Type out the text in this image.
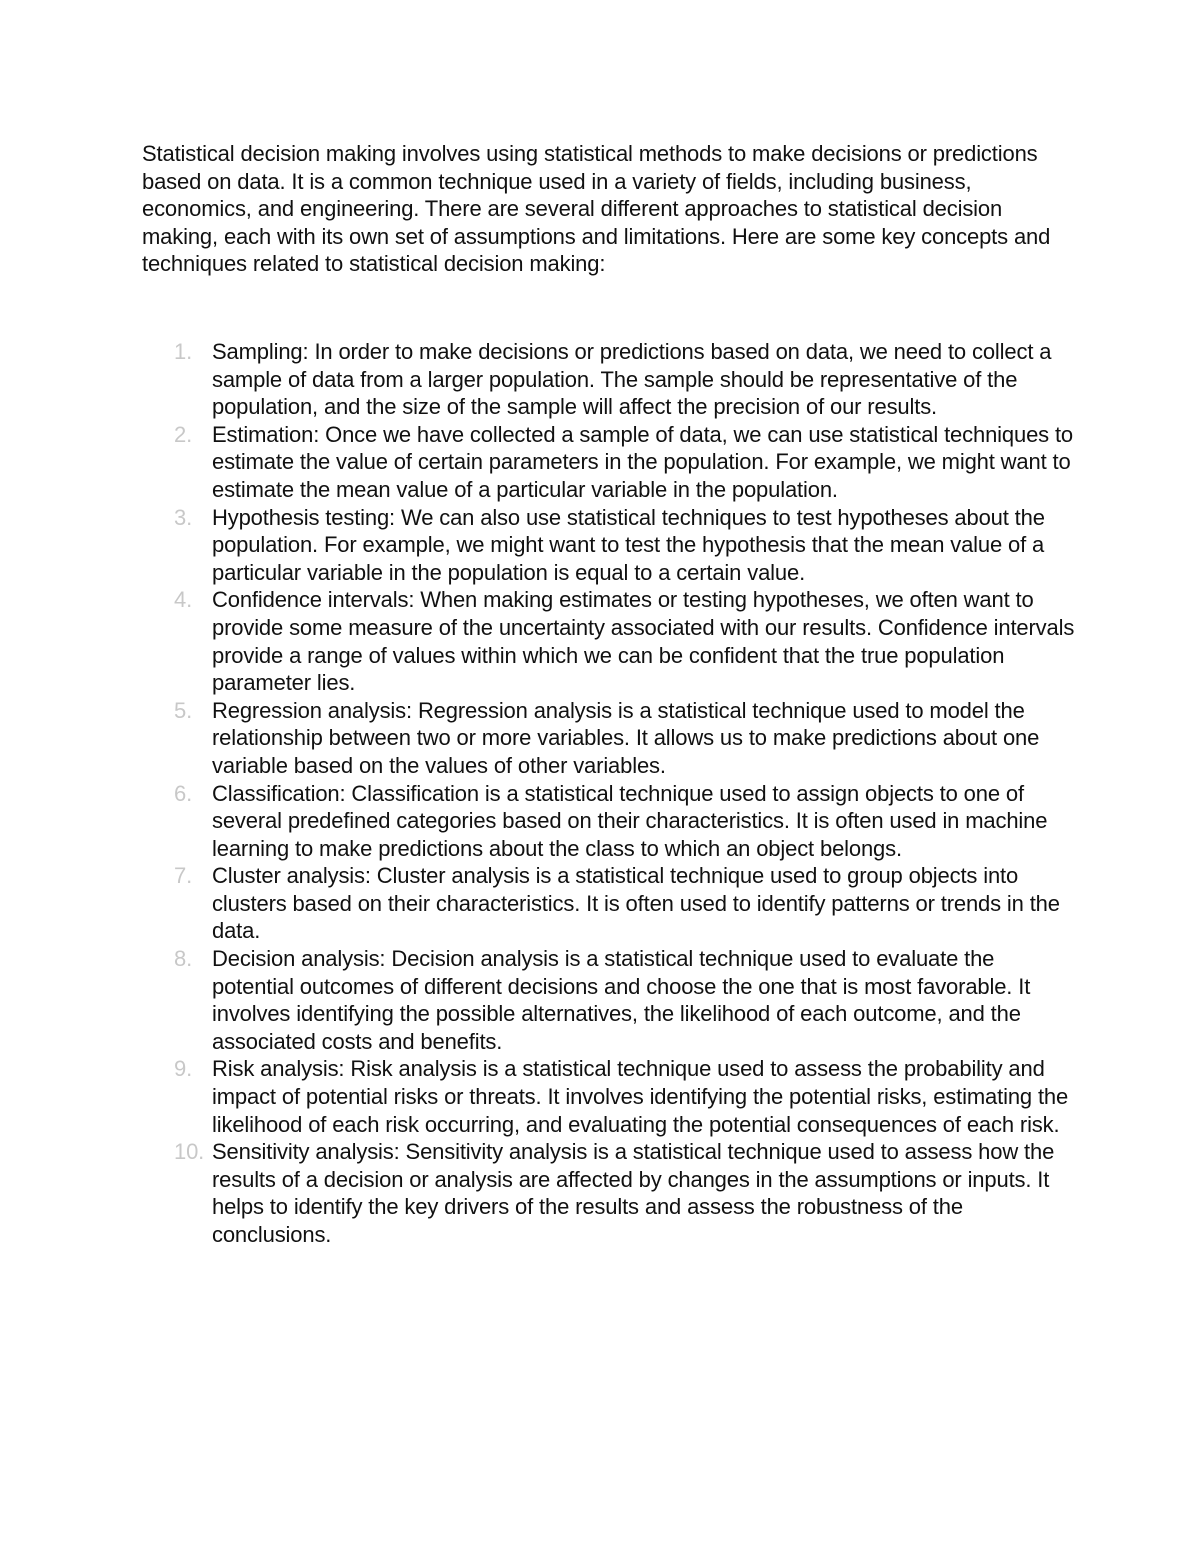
Statistical decision making involves using statistical methods to make decisions or predictions based on data. It is a common technique used in a variety of fields, including business, economics, and engineering. There are several different approaches to statistical decision making, each with its own set of assumptions and limitations. Here are some key concepts and techniques related to statistical decision making:

1. Sampling: In order to make decisions or predictions based on data, we need to collect a sample of data from a larger population. The sample should be representative of the population, and the size of the sample will affect the precision of our results.
2. Estimation: Once we have collected a sample of data, we can use statistical techniques to estimate the value of certain parameters in the population. For example, we might want to estimate the mean value of a particular variable in the population.
3. Hypothesis testing: We can also use statistical techniques to test hypotheses about the population. For example, we might want to test the hypothesis that the mean value of a particular variable in the population is equal to a certain value.
4. Confidence intervals: When making estimates or testing hypotheses, we often want to provide some measure of the uncertainty associated with our results. Confidence intervals provide a range of values within which we can be confident that the true population parameter lies.
5. Regression analysis: Regression analysis is a statistical technique used to model the relationship between two or more variables. It allows us to make predictions about one variable based on the values of other variables.
6. Classification: Classification is a statistical technique used to assign objects to one of several predefined categories based on their characteristics. It is often used in machine learning to make predictions about the class to which an object belongs.
7. Cluster analysis: Cluster analysis is a statistical technique used to group objects into clusters based on their characteristics. It is often used to identify patterns or trends in the data.
8. Decision analysis: Decision analysis is a statistical technique used to evaluate the potential outcomes of different decisions and choose the one that is most favorable. It involves identifying the possible alternatives, the likelihood of each outcome, and the associated costs and benefits.
9. Risk analysis: Risk analysis is a statistical technique used to assess the probability and impact of potential risks or threats. It involves identifying the potential risks, estimating the likelihood of each risk occurring, and evaluating the potential consequences of each risk.
10. Sensitivity analysis: Sensitivity analysis is a statistical technique used to assess how the results of a decision or analysis are affected by changes in the assumptions or inputs. It helps to identify the key drivers of the results and assess the robustness of the conclusions.
